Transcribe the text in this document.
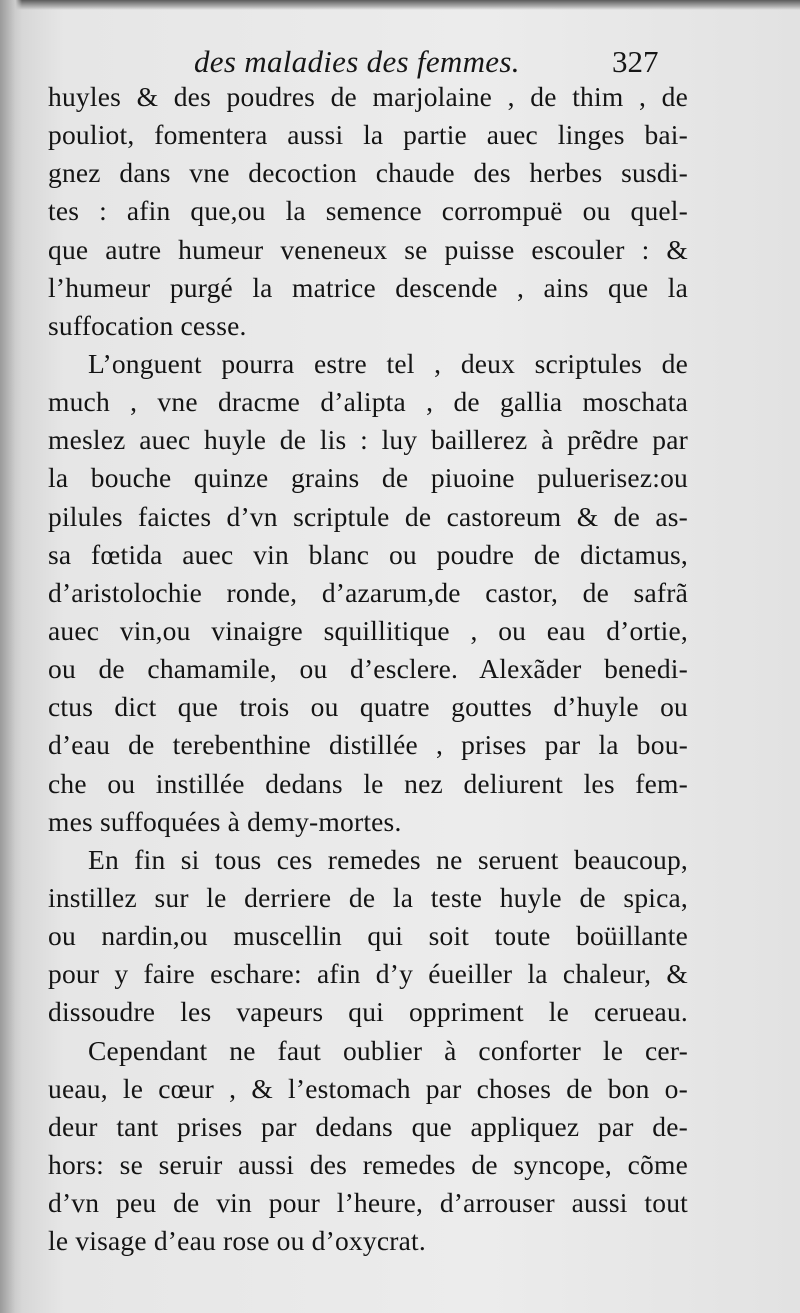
des maladies des femmes.	327
huyles & des poudres de marjolaine , de thim , de
pouliot, fomentera aussi la partie auec linges bai-
gnez dans vne decoction chaude des herbes susdi-
tes : afin que,ou la semence corrompuë ou quel-
que autre humeur veneneux se puisse escouler : &
l’humeur purgé la matrice descende , ains que la
suffocation cesse.
L’onguent pourra estre tel , deux scriptules de
much , vne dracme d’alipta , de gallia moschata
meslez auec huyle de lis : luy baillerez à prẽdre par
la bouche quinze grains de piuoine puluerisez:ou
pilules faictes d’vn scriptule de castoreum & de as-
sa fœtida auec vin blanc ou poudre de dictamus,
d’aristolochie ronde, d’azarum,de castor, de safrã
auec vin,ou vinaigre squillitique , ou eau d’ortie,
ou de chamamile, ou d’esclere. Alexãder benedi-
ctus dict que trois ou quatre gouttes d’huyle ou
d’eau de terebenthine distillée , prises par la bou-
che ou instillée dedans le nez deliurent les fem-
mes suffoquées à demy-mortes.
En fin si tous ces remedes ne seruent beaucoup,
instillez sur le derriere de la teste huyle de spica,
ou nardin,ou muscellin qui soit toute boüillante
pour y faire eschare: afin d’y éueiller la chaleur, &
dissoudre les vapeurs qui oppriment le cerueau.
Cependant ne faut oublier à conforter le cer-
ueau, le cœur , & l’estomach par choses de bon o-
deur tant prises par dedans que appliquez par de-
hors: se seruir aussi des remedes de syncope, cõme
d’vn peu de vin pour l’heure, d’arrouser aussi tout
le visage d’eau rose ou d’oxycrat.
